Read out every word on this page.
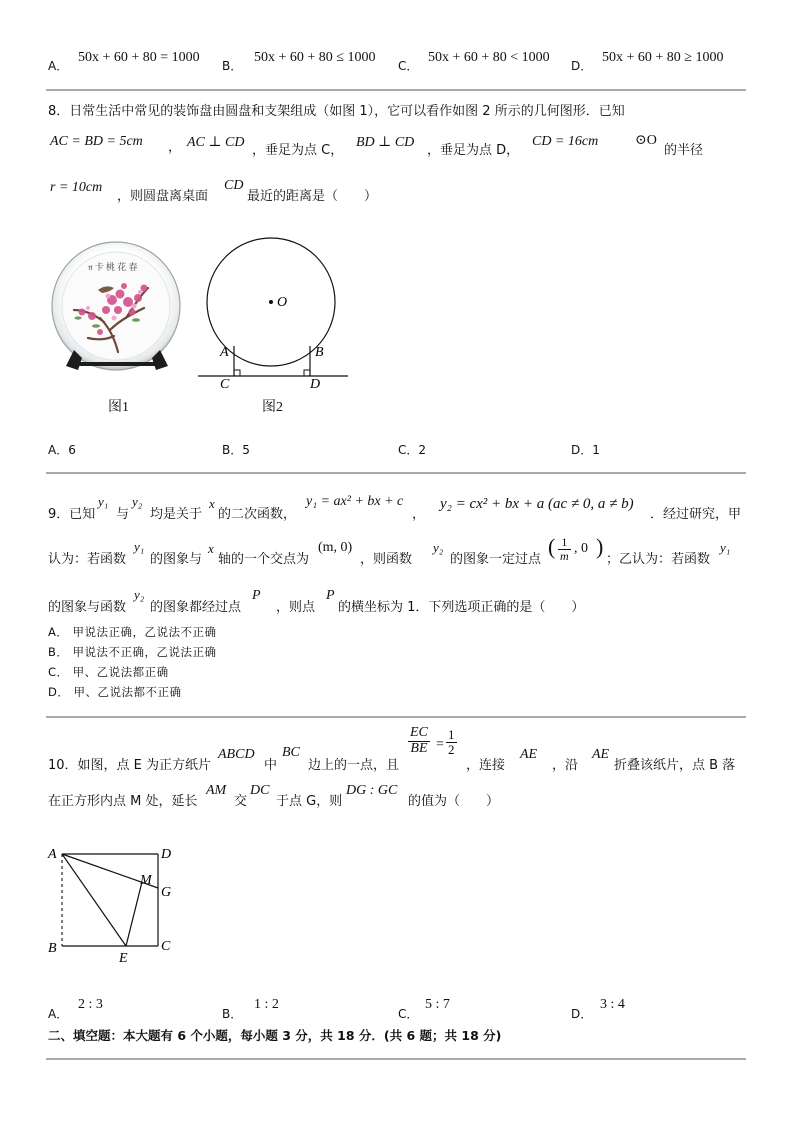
A．
50x + 60 + 80 = 1000
B．
50x + 60 + 80 ≤ 1000
C．
50x + 60 + 80 < 1000
D．
50x + 60 + 80 ≥ 1000
8．日常生活中常见的装饰盘由圆盘和支架组成（如图 1），它可以看作如图 2 所示的几何图形．已知
AC = BD = 5cm ， AC ⊥ CD
，垂足为点 C，
BD ⊥ CD
，垂足为点 D，
CD = 16cm	⊙O
的半径
r = 10cm
，则圆盘离桌面
CD
最近的距离是（　　）
𝔫 卡 桃 花 春
图1
O
A	B
C	D
图2
A．6	B．5	C．2	D．1
9．已知
y₁
与
y₂
均是关于
x
的二次函数，
y₁ = ax² + bx + c
，
y₂ = cx² + bx + a (ac ≠ 0, a ≠ b)
．经过研究，甲
认为：若函数
y₁
的图象与
x
轴的一个交点为
(m, 0)
，则函数
y₂
的图象一定过点
( $\frac{1}{m}$ , 0 )
；乙认为：若函数
y₁
的图象与函数
y₂
的图象都经过点
P
，则点
P
的横坐标为 1．下列选项正确的是（　　）
A． 甲说法正确，乙说法不正确
B． 甲说法不正确，乙说法正确
C． 甲、乙说法都正确
D． 甲、乙说法都不正确
$\frac{EC}{BE} = \frac{1}{2}$
10．如图，点 E 为正方纸片
ABCD
中
BC
边上的一点，且	，连接
AE
，沿
AE
折叠该纸片，点 B 落
在正方形内点 M 处，延长
AM
交
DC
于点 G，则
DG : GC
的值为（　　）
A	D
M
G
B
E
C
A．
2 : 3
B．
1 : 2
C．
5 : 7
D．
3 : 4
二、填空题：本大题有 6 个小题，每小题 3 分，共 18 分．(共 6 题；共 18 分)
